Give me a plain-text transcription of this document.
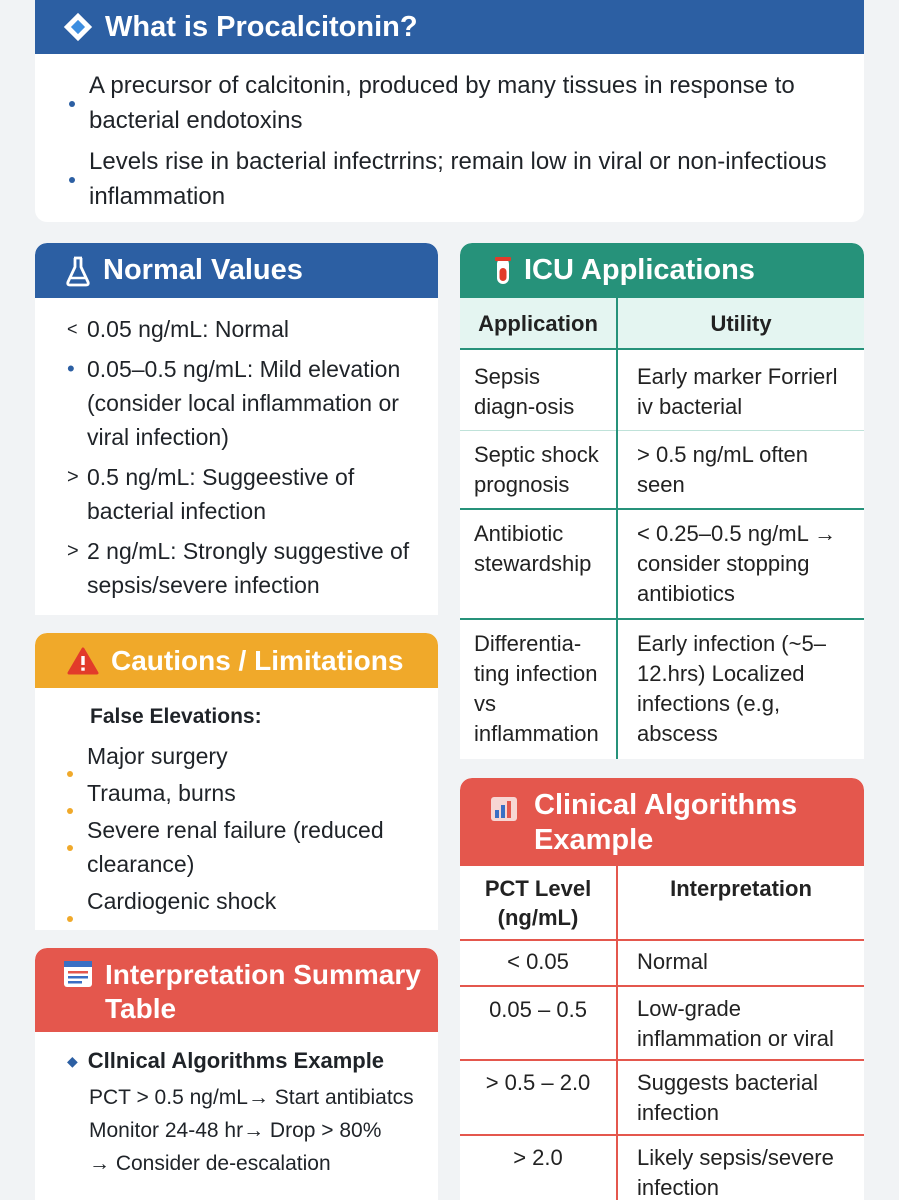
What is Procalcitonin?
A precursor of calcitonin, produced by many tissues in response to bacterial endotoxins
Levels rise in bacterial infectrrins; remain low in viral or non-infectious inflammation
Normal Values
< 0.05 ng/mL: Normal
• 0.05–0.5 ng/mL: Mild elevation (consider local inflammation or viral infection)
> 0.5 ng/mL: Suggeestive of bacterial infection
> 2 ng/mL: Strongly suggestive of sepsis/severe infection
Cautions / Limitations
False Elevations:
Major surgery
Trauma, burns
Severe renal failure (reduced clearance)
Cardiogenic shock
Interpretation Summary Table
◆ Cllnical Algorithms Example
PCT > 0.5 ng/mL→ Start antibiatcs
Monitor 24-48 hr→ Drop > 80%
→ Consider de-escalation
ICU Applications
Application	Utility
Sepsis diagn-osis	Early marker Forrierl iv bacterial
Septic shock prognosis	> 0.5 ng/mL often seen
Antibiotic stewardship	< 0.25–0.5 ng/mL → consider stopping antibiotics
Differentia-ting infection vs inflammation	Early infection (~5–12.hrs) Localized infections (e.g, abscess
Clinical Algorithms Example
PCT Level (ng/mL)	Interpretation
< 0.05	Normal
0.05 – 0.5	Low-grade inflammation or viral
> 0.5 – 2.0	Suggests bacterial infection
> 2.0	Likely sepsis/severe infection
